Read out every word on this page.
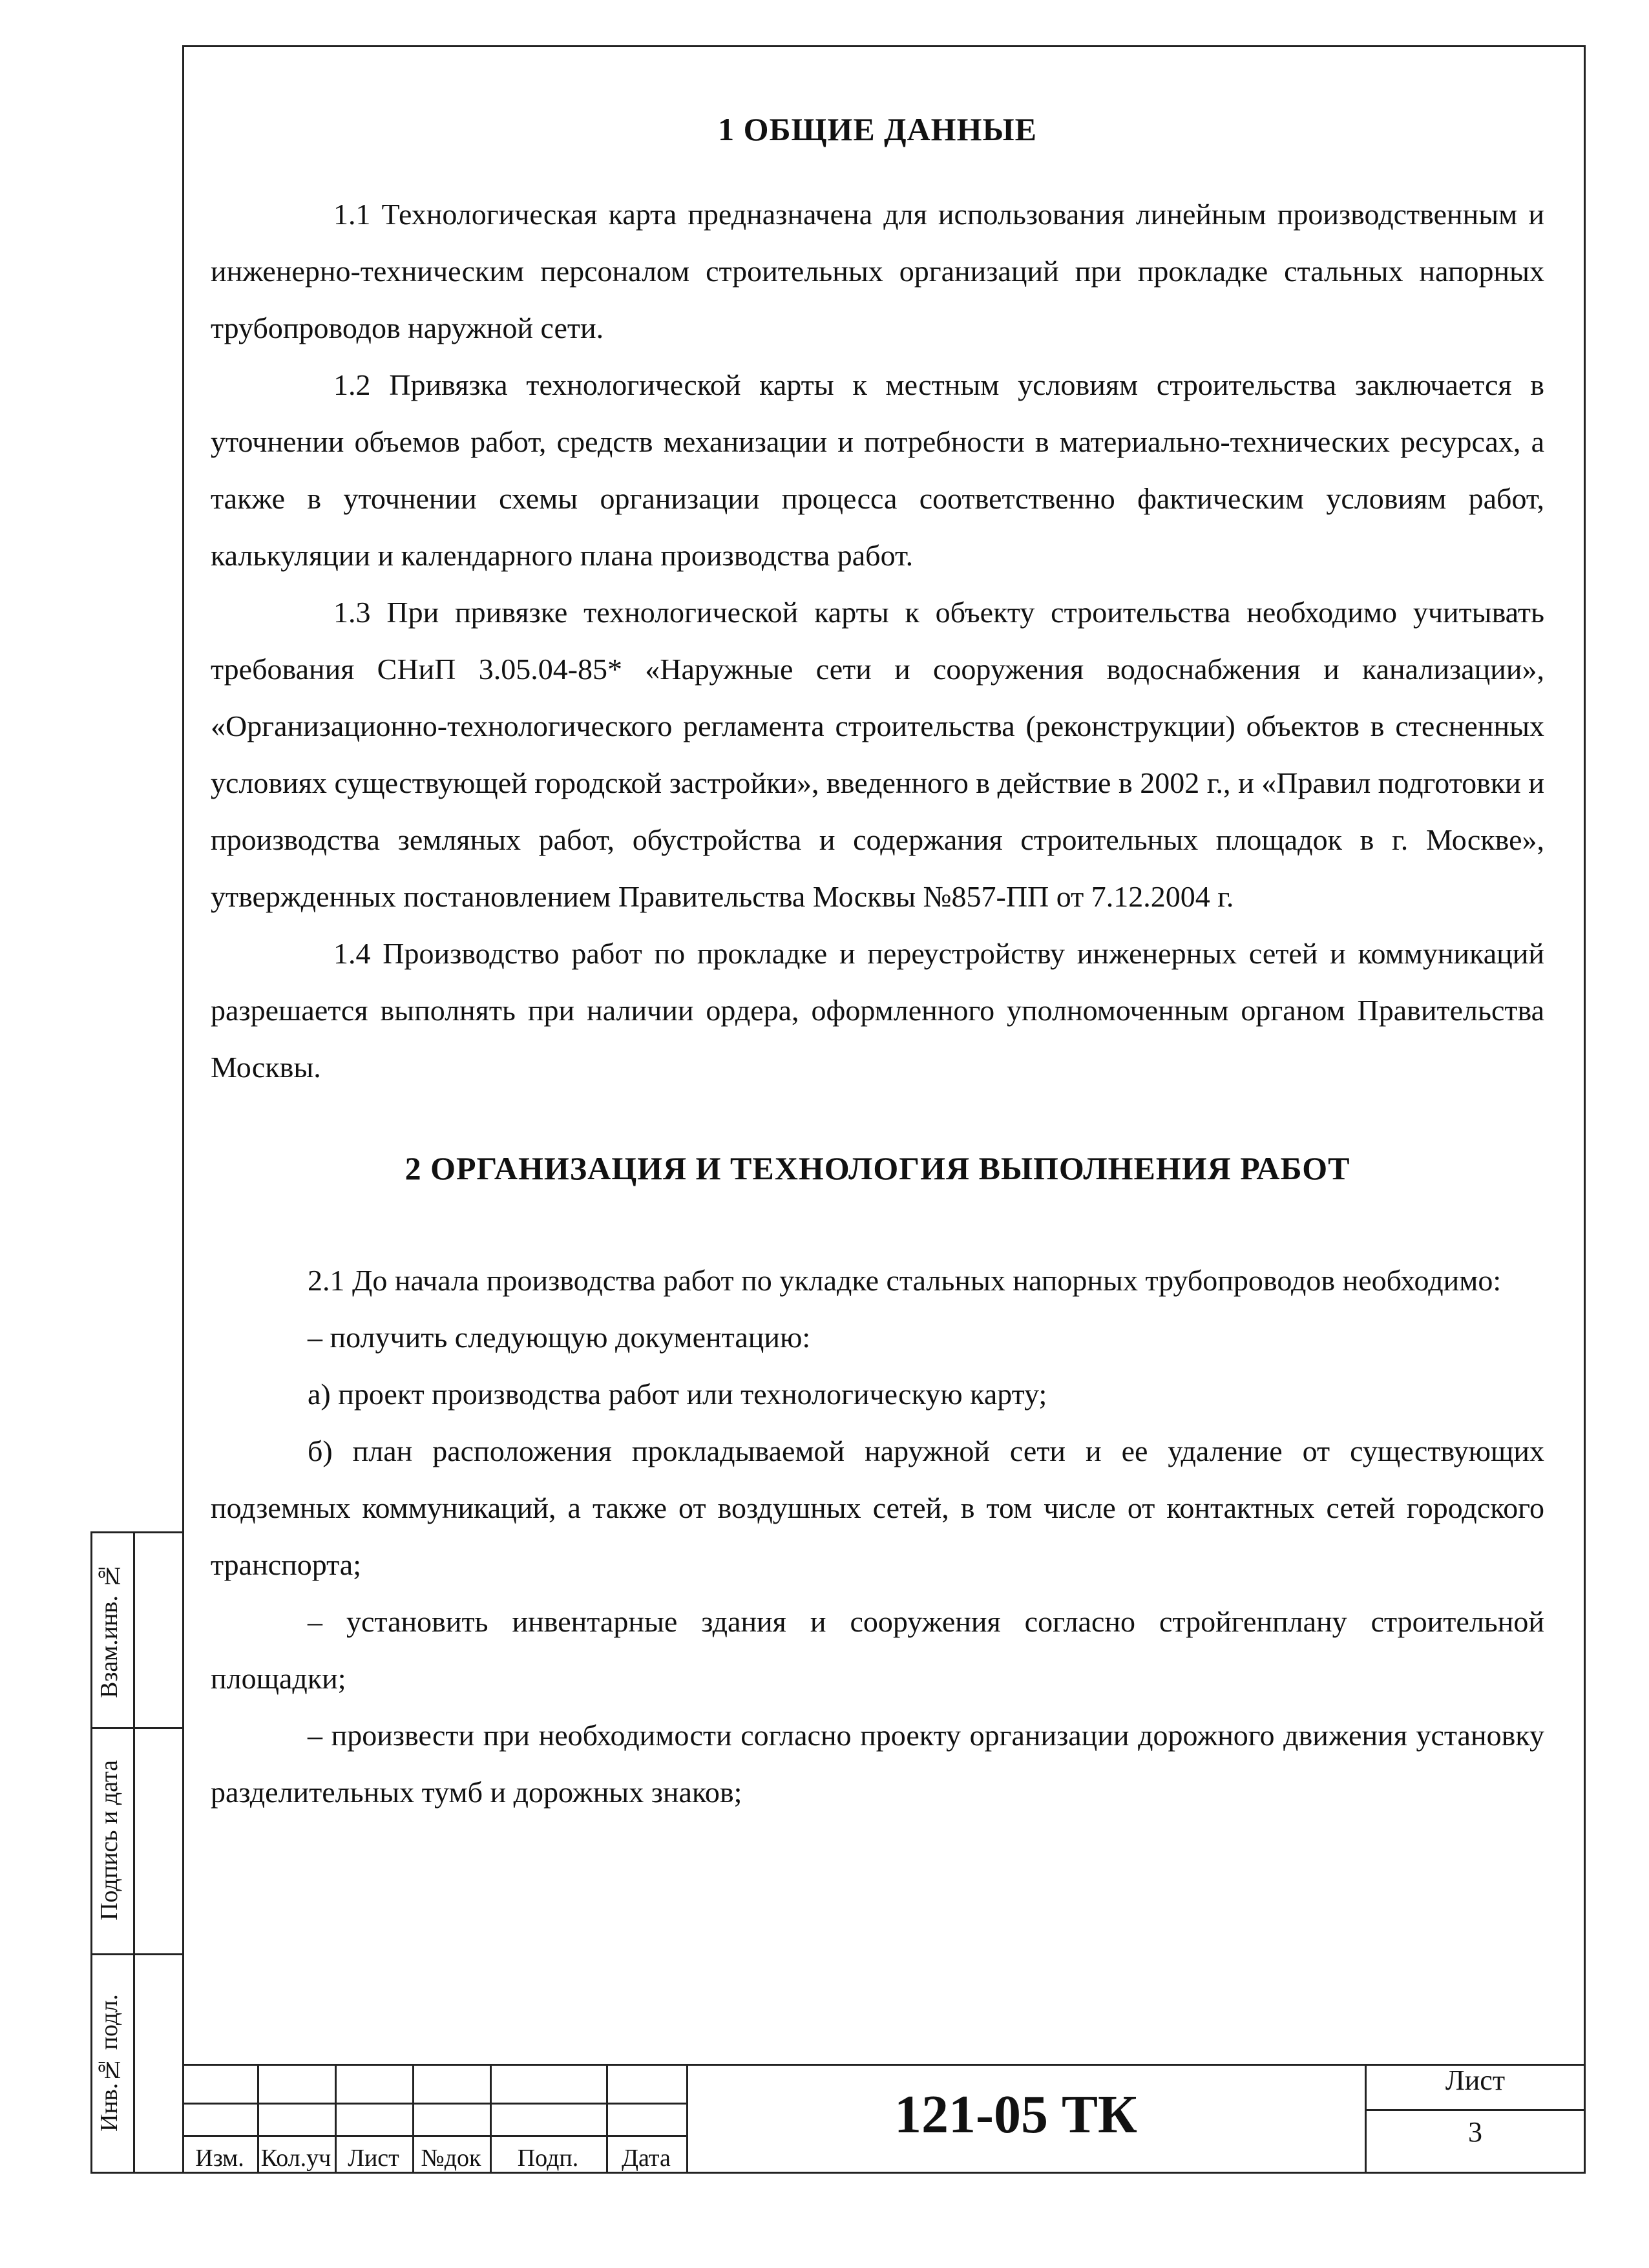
1 ОБЩИЕ ДАННЫЕ

1.1 Технологическая карта предназначена для использования линейным производственным и инженерно-техническим персоналом строительных организаций при прокладке стальных напорных трубопроводов наружной сети.

1.2 Привязка технологической карты к местным условиям строительства заключается в уточнении объемов работ, средств механизации и потребности в материально-технических ресурсах, а также в уточнении схемы организации процесса соответственно фактическим условиям работ, калькуляции и календарного плана производства работ.

1.3 При привязке технологической карты к объекту строительства необходимо учитывать требования СНиП 3.05.04-85* «Наружные сети и сооружения водоснабжения и канализации», «Организационно-технологического регламента строительства (реконструкции) объектов в стесненных условиях существующей городской застройки», введенного в действие в 2002 г., и «Правил подготовки и производства земляных работ, обустройства и содержания строительных площадок в г. Москве», утвержденных постановлением Правительства Москвы №857-ПП от 7.12.2004 г.

1.4 Производство работ по прокладке и переустройству инженерных сетей и коммуникаций разрешается выполнять при наличии ордера, оформленного уполномоченным органом Правительства Москвы.

2 ОРГАНИЗАЦИЯ И ТЕХНОЛОГИЯ ВЫПОЛНЕНИЯ РАБОТ

2.1 До начала производства работ по укладке стальных напорных трубопроводов необходимо:

– получить следующую документацию:

а) проект производства работ или технологическую карту;

б) план расположения прокладываемой наружной сети и ее удаление от существующих подземных коммуникаций, а также от воздушных сетей, в том числе от контактных сетей городского транспорта;

– установить инвентарные здания и сооружения согласно стройгенплану строительной площадки;

– произвести при необходимости согласно проекту организации дорожного движения установку разделительных тумб и дорожных знаков;

Взам.инв. №
Подпись и дата
Инв.№ подл.
Изм. Кол.уч Лист №док	Подп.	Дата
121-05 ТК
Лист
3
